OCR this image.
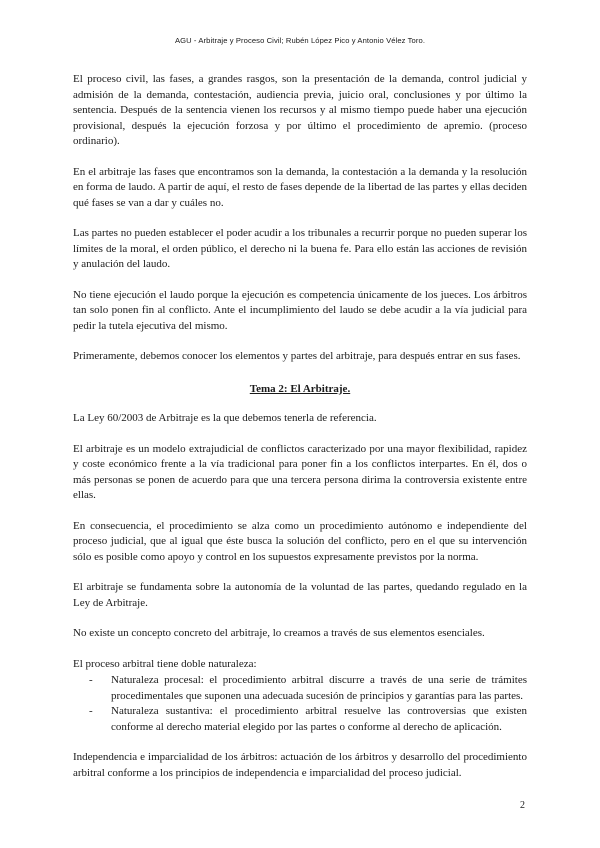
AGU - Arbitraje y Proceso Civil; Rubén López Pico y Antonio Vélez Toro.

El proceso civil, las fases, a grandes rasgos, son la presentación de la demanda, control judicial y admisión de la demanda, contestación, audiencia previa, juicio oral, conclusiones y por último la sentencia. Después de la sentencia vienen los recursos y al mismo tiempo puede haber una ejecución provisional, después la ejecución forzosa y por último el procedimiento de apremio. (proceso ordinario).

En el arbitraje las fases que encontramos son la demanda, la contestación a la demanda y la resolución en forma de laudo. A partir de aquí, el resto de fases depende de la libertad de las partes y ellas deciden qué fases se van a dar y cuáles no.

Las partes no pueden establecer el poder acudir a los tribunales a recurrir porque no pueden superar los límites de la moral, el orden público, el derecho ni la buena fe. Para ello están las acciones de revisión y anulación del laudo.

No tiene ejecución el laudo porque la ejecución es competencia únicamente de los jueces. Los árbitros tan solo ponen fin al conflicto. Ante el incumplimiento del laudo se debe acudir a la vía judicial para pedir la tutela ejecutiva del mismo.

Primeramente, debemos conocer los elementos y partes del arbitraje, para después entrar en sus fases.

Tema 2: El Arbitraje.

La Ley 60/2003 de Arbitraje es la que debemos tenerla de referencia.

El arbitraje es un modelo extrajudicial de conflictos caracterizado por una mayor flexibilidad, rapidez y coste económico frente a la vía tradicional para poner fin a los conflictos interpartes. En él, dos o más personas se ponen de acuerdo para que una tercera persona dirima la controversia existente entre ellas.

En consecuencia, el procedimiento se alza como un procedimiento autónomo e independiente del proceso judicial, que al igual que éste busca la solución del conflicto, pero en el que su intervención sólo es posible como apoyo y control en los supuestos expresamente previstos por la norma.

El arbitraje se fundamenta sobre la autonomía de la voluntad de las partes, quedando regulado en la Ley de Arbitraje.

No existe un concepto concreto del arbitraje, lo creamos a través de sus elementos esenciales.

El proceso arbitral tiene doble naturaleza:

- Naturaleza procesal: el procedimiento arbitral discurre a través de una serie de trámites procedimentales que suponen una adecuada sucesión de principios y garantías para las partes.
- Naturaleza sustantiva: el procedimiento arbitral resuelve las controversias que existen conforme al derecho material elegido por las partes o conforme al derecho de aplicación.

Independencia e imparcialidad de los árbitros: actuación de los árbitros y desarrollo del procedimiento arbitral conforme a los principios de independencia e imparcialidad del proceso judicial.

2
